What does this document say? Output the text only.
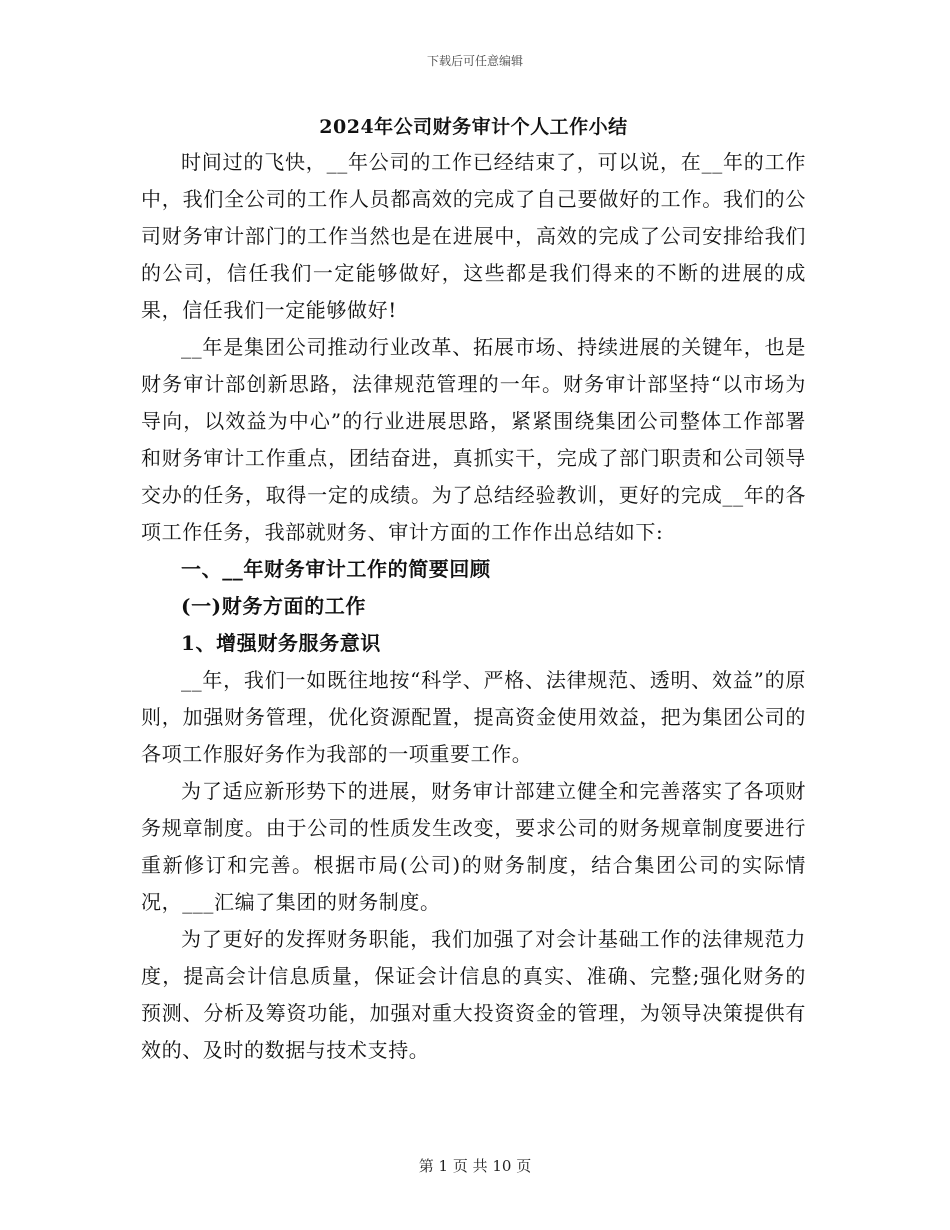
下载后可任意编辑
2024年公司财务审计个人工作小结

时间过的飞快，__年公司的工作已经结束了，可以说，在__年的工作中，我们全公司的工作人员都高效的完成了自己要做好的工作。我们的公司财务审计部门的工作当然也是在进展中，高效的完成了公司安排给我们的公司，信任我们一定能够做好，这些都是我们得来的不断的进展的成果，信任我们一定能够做好!

__年是集团公司推动行业改革、拓展市场、持续进展的关键年，也是财务审计部创新思路，法律规范管理的一年。财务审计部坚持“以市场为导向，以效益为中心”的行业进展思路，紧紧围绕集团公司整体工作部署和财务审计工作重点，团结奋进，真抓实干，完成了部门职责和公司领导交办的任务，取得一定的成绩。为了总结经验教训，更好的完成__年的各项工作任务，我部就财务、审计方面的工作作出总结如下:

一、__年财务审计工作的简要回顾

(一)财务方面的工作

1、增强财务服务意识

__年，我们一如既往地按“科学、严格、法律规范、透明、效益”的原则，加强财务管理，优化资源配置，提高资金使用效益，把为集团公司的各项工作服好务作为我部的一项重要工作。

为了适应新形势下的进展，财务审计部建立健全和完善落实了各项财务规章制度。由于公司的性质发生改变，要求公司的财务规章制度要进行重新修订和完善。根据市局(公司)的财务制度，结合集团公司的实际情况，___汇编了集团的财务制度。

为了更好的发挥财务职能，我们加强了对会计基础工作的法律规范力度，提高会计信息质量，保证会计信息的真实、准确、完整;强化财务的预测、分析及筹资功能，加强对重大投资资金的管理，为领导决策提供有效的、及时的数据与技术支持。

第 1 页 共 10 页
